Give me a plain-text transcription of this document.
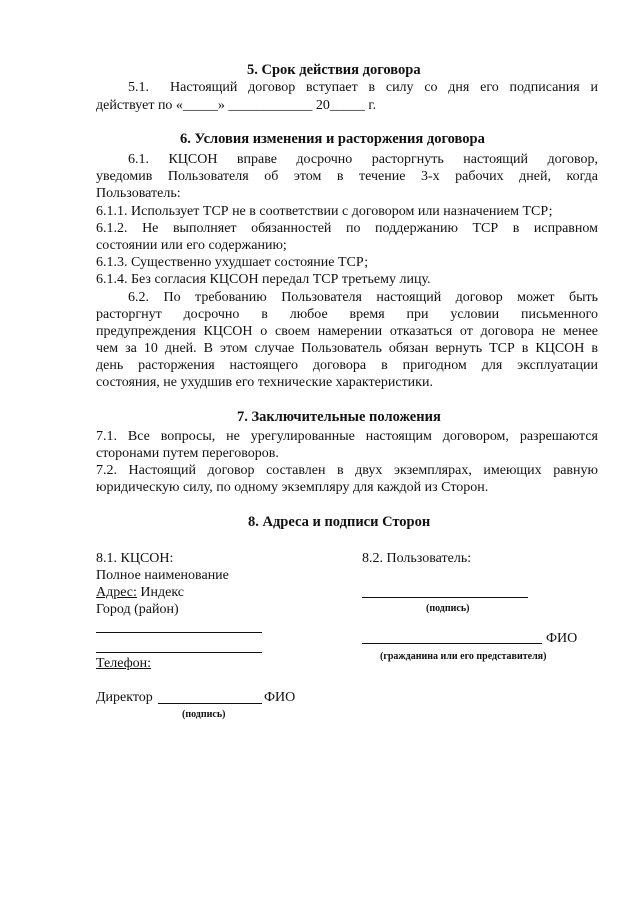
5. Срок действия договора
5.1. Настоящий договор вступает в силу со дня его подписания и
действует по «_____» ____________ 20_____ г.
6. Условия изменения и расторжения договора
6.1. КЦСОН вправе досрочно расторгнуть настоящий договор,
уведомив Пользователя об этом в течение 3-х рабочих дней, когда
Пользователь:
6.1.1. Использует ТСР не в соответствии с договором или назначением ТСР;
6.1.2. Не выполняет обязанностей по поддержанию ТСР в исправном
состоянии или его содержанию;
6.1.3. Существенно ухудшает состояние ТСР;
6.1.4. Без согласия КЦСОН передал ТСР третьему лицу.
6.2. По требованию Пользователя настоящий договор может быть
расторгнут досрочно в любое время при условии письменного
предупреждения КЦСОН о своем намерении отказаться от договора не менее
чем за 10 дней. В этом случае Пользователь обязан вернуть ТСР в КЦСОН в
день расторжения настоящего договора в пригодном для эксплуатации
состояния, не ухудшив его технические характеристики.
7. Заключительные положения
7.1. Все вопросы, не урегулированные настоящим договором, разрешаются
сторонами путем переговоров.
7.2. Настоящий договор составлен в двух экземплярах, имеющих равную
юридическую силу, по одному экземпляру для каждой из Сторон.
8. Адреса и подписи Сторон
8.1. КЦСОН:
Полное наименование
Адрес: Индекс
Город (район)
Телефон:
Директор	ФИО
(подпись)
8.2. Пользователь:
(подпись)
ФИО
(гражданина или его представителя)
